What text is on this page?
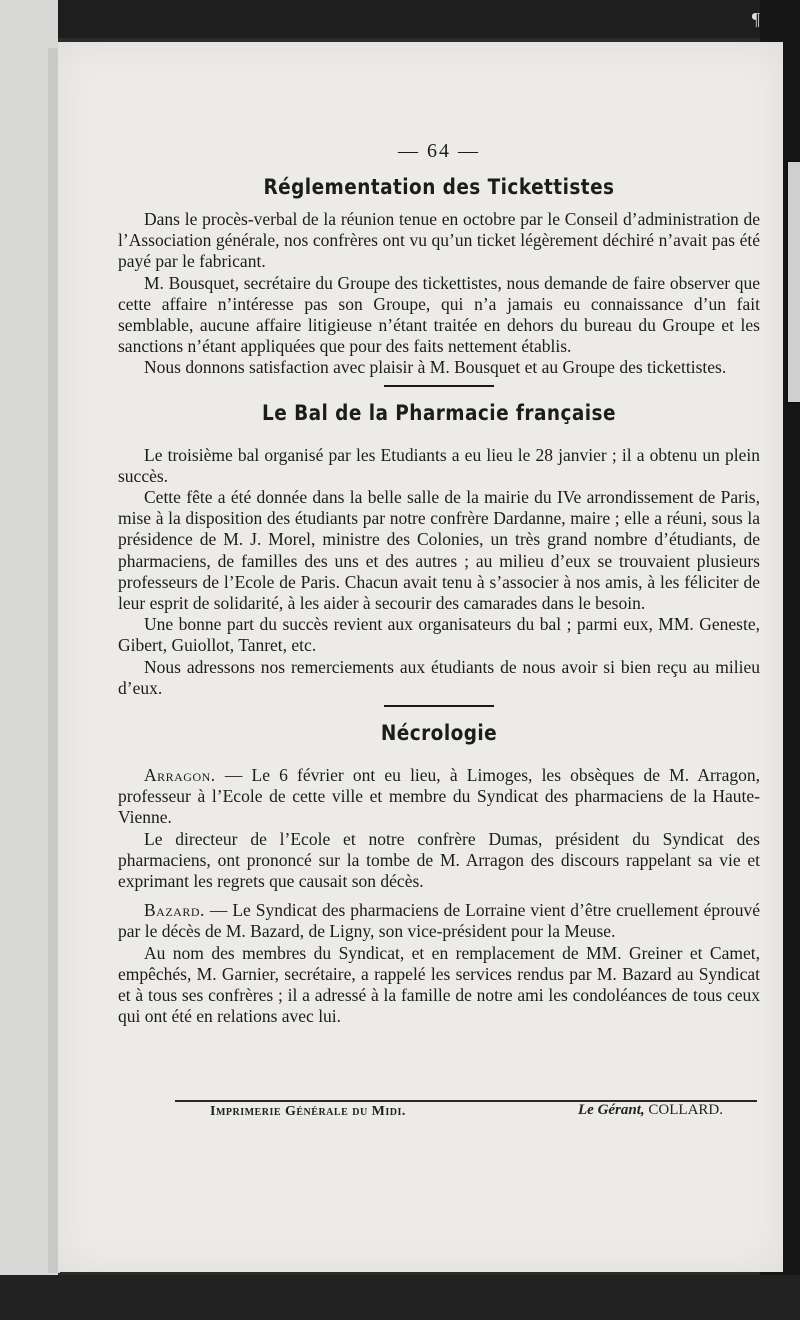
¶
— 64 —
Réglementation des Tickettistes

Dans le procès-verbal de la réunion tenue en octobre par le Conseil d’administration de l’Association générale, nos confrères ont vu qu’un ticket légèrement déchiré n’avait pas été payé par le fabricant.

M. Bousquet, secrétaire du Groupe des tickettistes, nous demande de faire observer que cette affaire n’intéresse pas son Groupe, qui n’a jamais eu connaissance d’un fait semblable, aucune affaire litigieuse n’étant traitée en dehors du bureau du Groupe et les sanctions n’étant appliquées que pour des faits nettement établis.

Nous donnons satisfaction avec plaisir à M. Bousquet et au Groupe des tickettistes.

Le Bal de la Pharmacie française

Le troisième bal organisé par les Etudiants a eu lieu le 28 janvier ; il a obtenu un plein succès.

Cette fête a été donnée dans la belle salle de la mairie du IVe arrondissement de Paris, mise à la disposition des étudiants par notre confrère Dardanne, maire ; elle a réuni, sous la présidence de M. J. Morel, ministre des Colonies, un très grand nombre d’étudiants, de pharmaciens, de familles des uns et des autres ; au milieu d’eux se trouvaient plusieurs professeurs de l’Ecole de Paris. Chacun avait tenu à s’associer à nos amis, à les féliciter de leur esprit de solidarité, à les aider à secourir des camarades dans le besoin.

Une bonne part du succès revient aux organisateurs du bal ; parmi eux, MM. Geneste, Gibert, Guiollot, Tanret, etc.

Nous adressons nos remerciements aux étudiants de nous avoir si bien reçu au milieu d’eux.

Nécrologie

Arragon. — Le 6 février ont eu lieu, à Limoges, les obsèques de M. Arragon, professeur à l’Ecole de cette ville et membre du Syndicat des pharmaciens de la Haute-Vienne.

Le directeur de l’Ecole et notre confrère Dumas, président du Syndicat des pharmaciens, ont prononcé sur la tombe de M. Arragon des discours rappelant sa vie et exprimant les regrets que causait son décès.

Bazard. — Le Syndicat des pharmaciens de Lorraine vient d’être cruellement éprouvé par le décès de M. Bazard, de Ligny, son vice-président pour la Meuse.

Au nom des membres du Syndicat, et en remplacement de MM. Greiner et Camet, empêchés, M. Garnier, secrétaire, a rappelé les services rendus par M. Bazard au Syndicat et à tous ses confrères ; il a adressé à la famille de notre ami les condoléances de tous ceux qui ont été en relations avec lui.

Imprimerie Générale du Midi.	Le Gérant, COLLARD.
